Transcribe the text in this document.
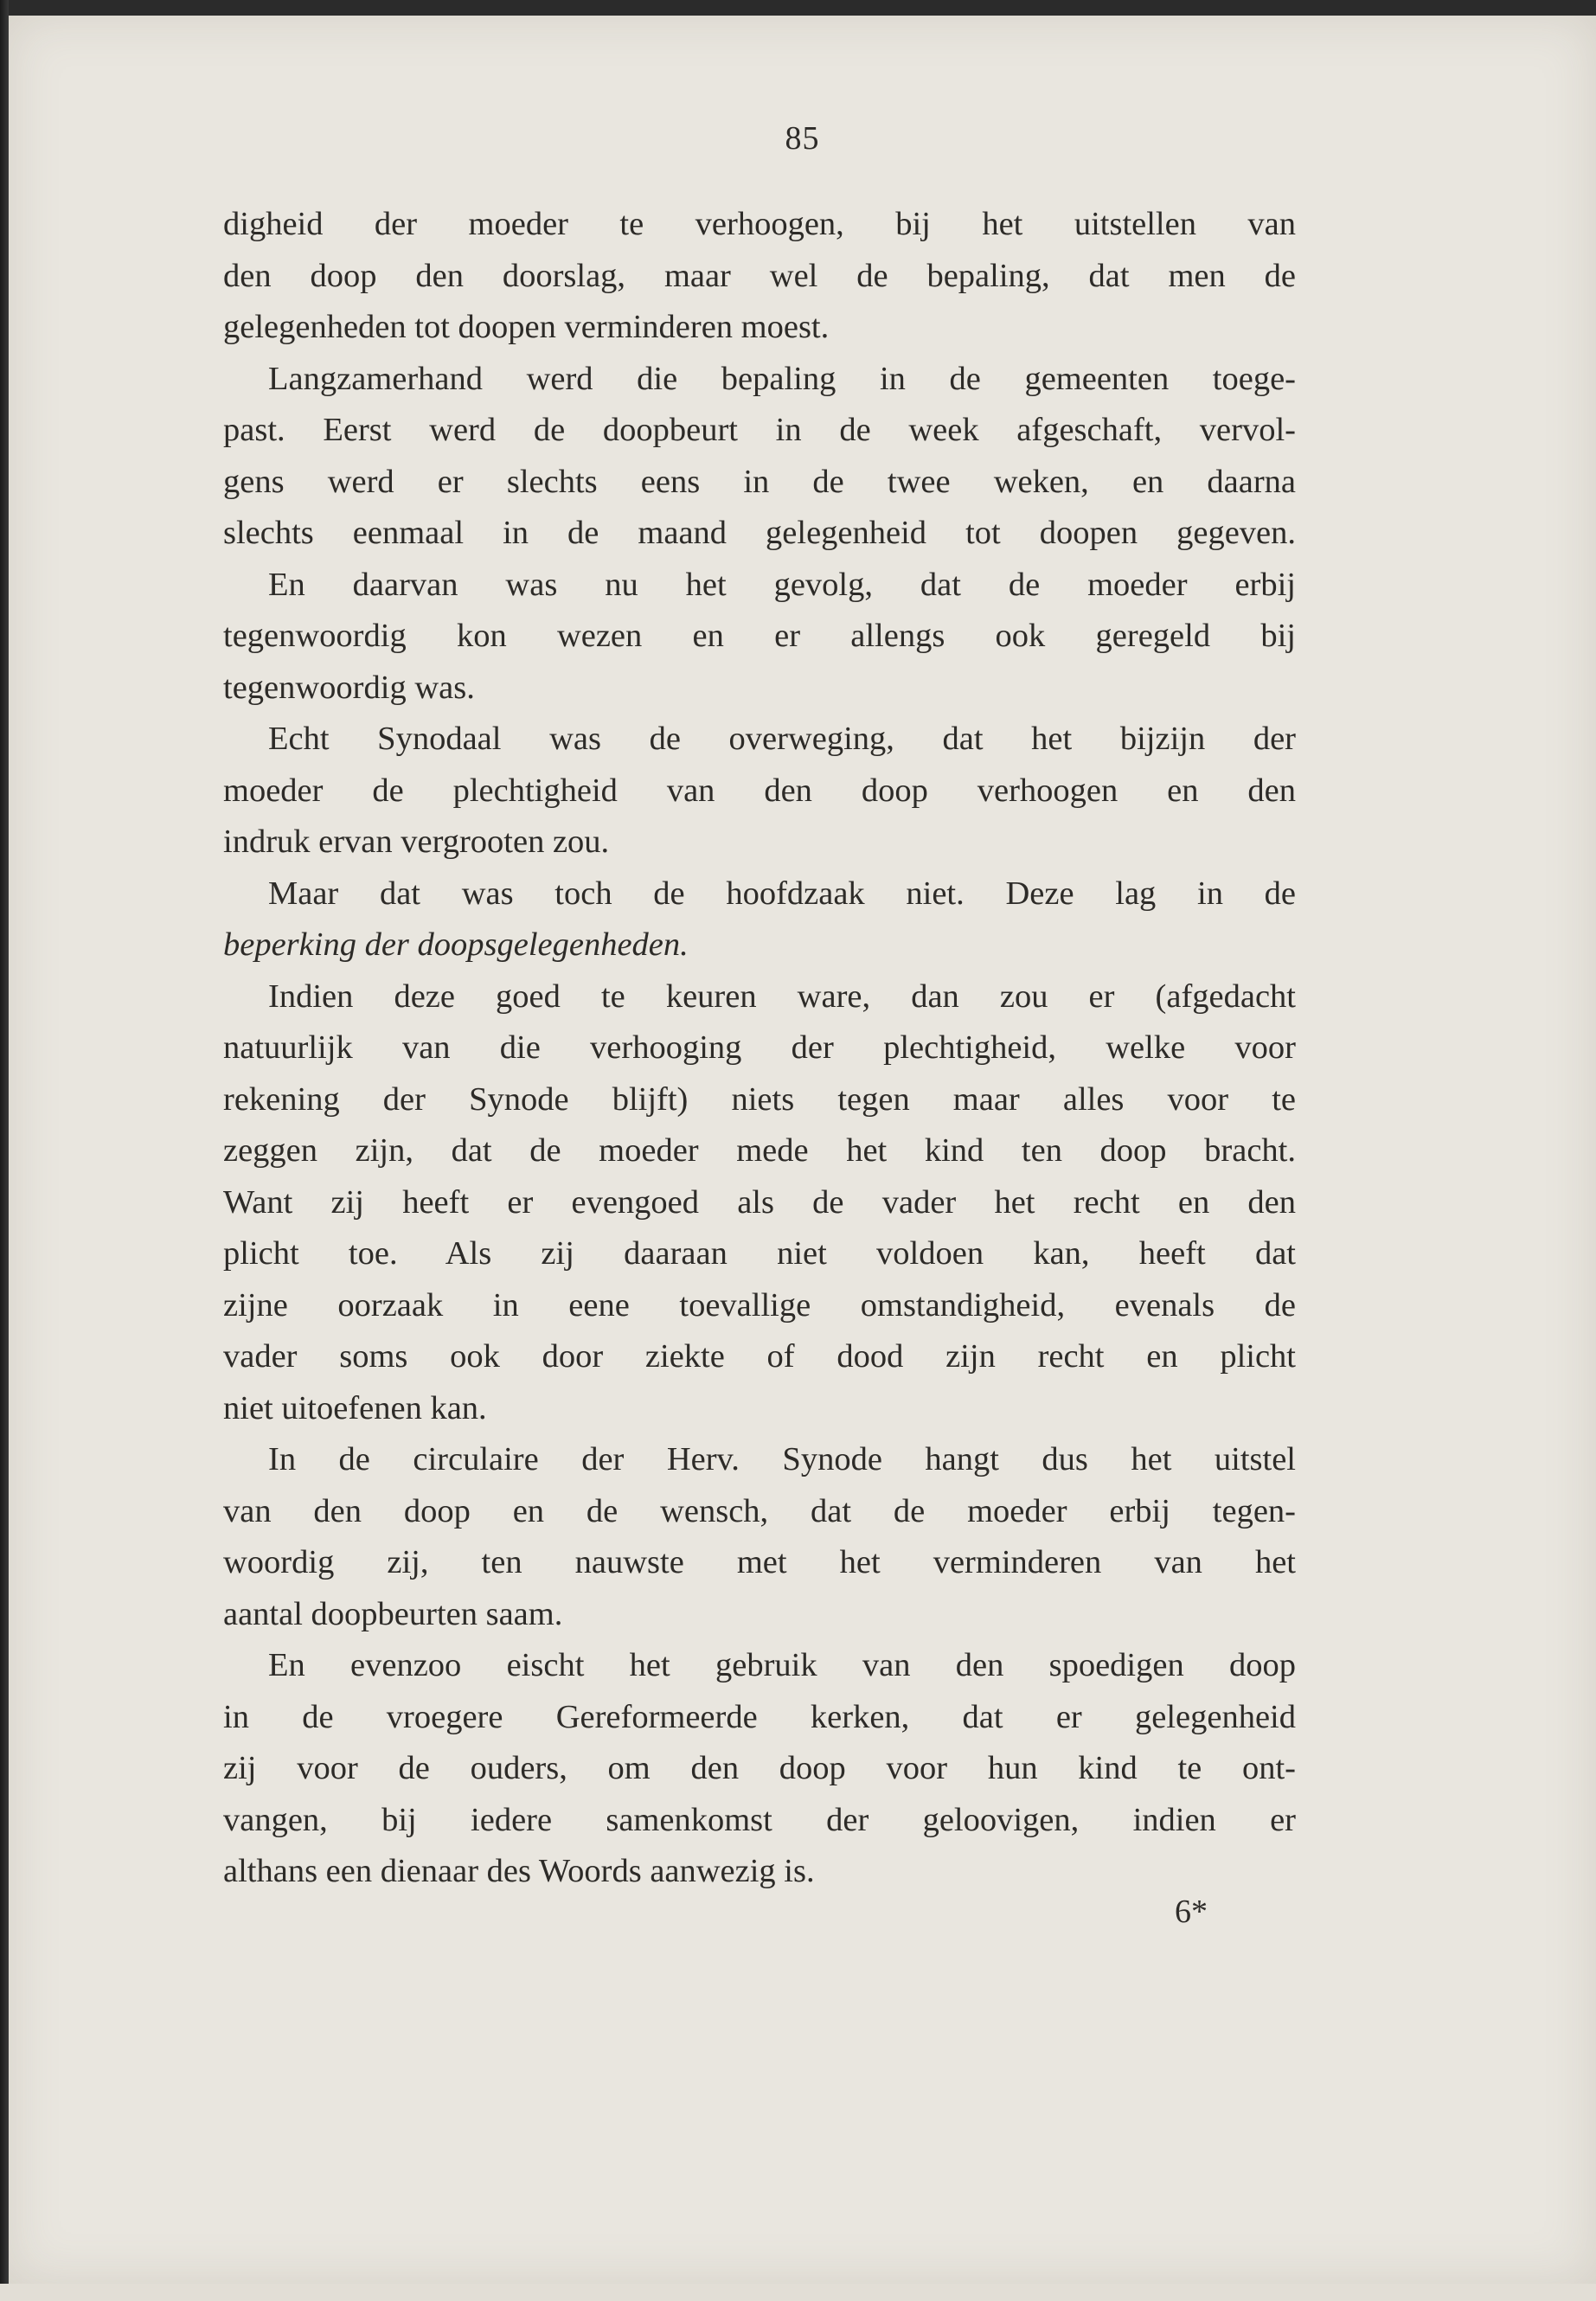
85
digheid der moeder te verhoogen, bij het uitstellen van
den doop den doorslag, maar wel de bepaling, dat men de
gelegenheden tot doopen verminderen moest.
Langzamerhand werd die bepaling in de gemeenten toege-
past. Eerst werd de doopbeurt in de week afgeschaft, vervol-
gens werd er slechts eens in de twee weken, en daarna
slechts eenmaal in de maand gelegenheid tot doopen gegeven.
En daarvan was nu het gevolg, dat de moeder erbij
tegenwoordig kon wezen en er allengs ook geregeld bij
tegenwoordig was.
Echt Synodaal was de overweging, dat het bijzijn der
moeder de plechtigheid van den doop verhoogen en den
indruk ervan vergrooten zou.
Maar dat was toch de hoofdzaak niet. Deze lag in de
beperking der doopsgelegenheden.
Indien deze goed te keuren ware, dan zou er (afgedacht
natuurlijk van die verhooging der plechtigheid, welke voor
rekening der Synode blijft) niets tegen maar alles voor te
zeggen zijn, dat de moeder mede het kind ten doop bracht.
Want zij heeft er evengoed als de vader het recht en den
plicht toe. Als zij daaraan niet voldoen kan, heeft dat
zijne oorzaak in eene toevallige omstandigheid, evenals de
vader soms ook door ziekte of dood zijn recht en plicht
niet uitoefenen kan.
In de circulaire der Herv. Synode hangt dus het uitstel
van den doop en de wensch, dat de moeder erbij tegen-
woordig zij, ten nauwste met het verminderen van het
aantal doopbeurten saam.
En evenzoo eischt het gebruik van den spoedigen doop
in de vroegere Gereformeerde kerken, dat er gelegenheid
zij voor de ouders, om den doop voor hun kind te ont-
vangen, bij iedere samenkomst der geloovigen, indien er
althans een dienaar des Woords aanwezig is.
6*
